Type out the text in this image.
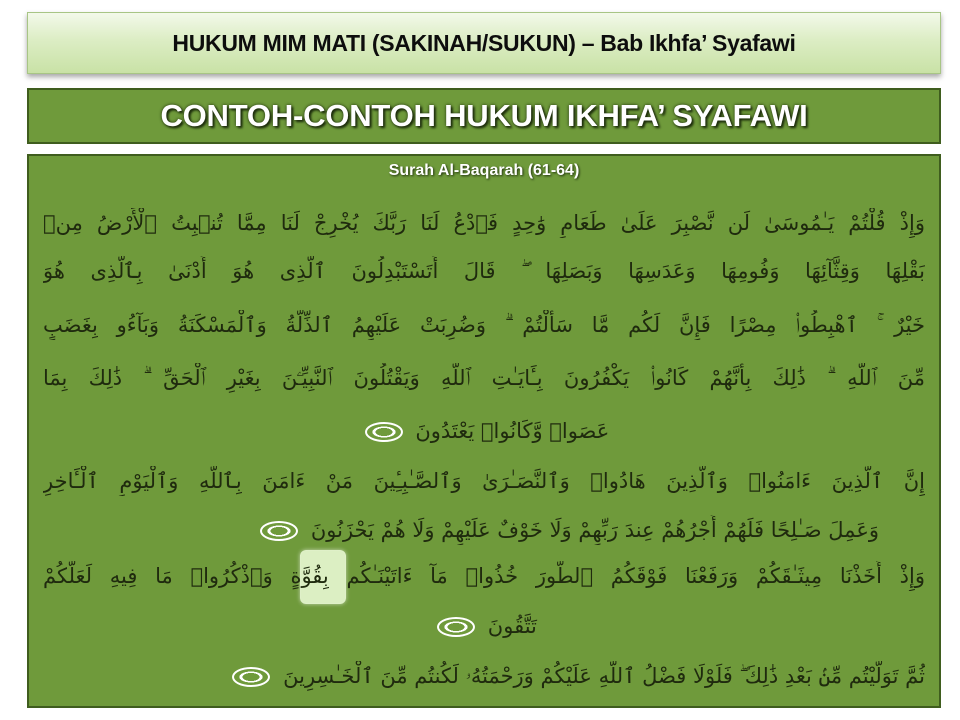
HUKUM MIM MATI (SAKINAH/SUKUN) – Bab Ikhfa’ Syafawi
CONTOH-CONTOH HUKUM IKHFA’ SYAFAWI
Surah Al-Baqarah (61-64)
وَإِذْ قُلْتُمْ يَـٰمُوسَىٰ لَن نَّصْبِرَ عَلَىٰ طَعَامٍ وَٰحِدٍ فَٱدْعُ لَنَا رَبَّكَ يُخْرِجْ لَنَا مِمَّا تُنۢبِتُ ٱلْأَرْضُ مِنۢ
بَقْلِهَا وَقِثَّآئِهَا وَفُومِهَا وَعَدَسِهَا وَبَصَلِهَا ۖ قَالَ أَتَسْتَبْدِلُونَ ٱلَّذِى هُوَ أَدْنَىٰ بِٱلَّذِى هُوَ
خَيْرٌ ۚ ٱهْبِطُوا۟ مِصْرًا فَإِنَّ لَكُم مَّا سَأَلْتُمْ ۗ وَضُرِبَتْ عَلَيْهِمُ ٱلذِّلَّةُ وَٱلْمَسْكَنَةُ وَبَآءُو بِغَضَبٍ
مِّنَ ٱللَّهِ ۗ ذَٰلِكَ بِأَنَّهُمْ كَانُوا۟ يَكْفُرُونَ بِـَٔايَـٰتِ ٱللَّهِ وَيَقْتُلُونَ ٱلنَّبِيِّـۧنَ بِغَيْرِ ٱلْحَقِّ ۗ ذَٰلِكَ بِمَا
عَصَوا۟ وَّكَانُوا۟ يَعْتَدُونَ
إِنَّ ٱلَّذِينَ ءَامَنُوا۟ وَٱلَّذِينَ هَادُوا۟ وَٱلنَّصَـٰرَىٰ وَٱلصَّـٰبِـِٔينَ مَنْ ءَامَنَ بِٱللَّهِ وَٱلْيَوْمِ ٱلْـَٔاخِرِ
وَعَمِلَ صَـٰلِحًا فَلَهُمْ أَجْرُهُمْ عِندَ رَبِّهِمْ وَلَا خَوْفٌ عَلَيْهِمْ وَلَا هُمْ يَحْزَنُونَ
وَإِذْ أَخَذْنَا مِيثَـٰقَكُمْ وَرَفَعْنَا فَوْقَكُمُ ٱلطُّورَ خُذُوا۟ مَآ ءَاتَيْنَـٰكُم بِقُوَّةٍ وَٱذْكُرُوا۟ مَا فِيهِ لَعَلَّكُمْ
تَتَّقُونَ
ثُمَّ تَوَلَّيْتُم مِّنۢ بَعْدِ ذَٰلِكَ ۖ فَلَوْلَا فَضْلُ ٱللَّهِ عَلَيْكُمْ وَرَحْمَتُهُۥ لَكُنتُم مِّنَ ٱلْخَـٰسِرِينَ
